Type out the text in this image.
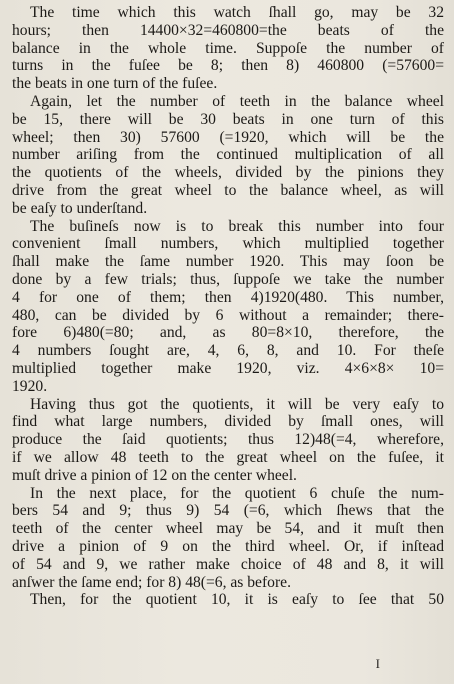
The time which this watch ſhall go, may be 32
hours; then 14400×32=460800=the beats of the
balance in the whole time. Suppoſe the number of
turns in the fuſee be 8; then 8) 460800 (=57600=
the beats in one turn of the fuſee.

Again, let the number of teeth in the balance wheel
be 15, there will be 30 beats in one turn of this
wheel; then 30) 57600 (=1920, which will be the
number ariſing from the continued multiplication of all
the quotients of the wheels, divided by the pinions they
drive from the great wheel to the balance wheel, as will
be eaſy to underſtand.

The buſineſs now is to break this number into four
convenient ſmall numbers, which multiplied together
ſhall make the ſame number 1920. This may ſoon be
done by a few trials; thus, ſuppoſe we take the number
4 for one of them; then 4)1920(480. This number,
480, can be divided by 6 without a remainder; there-
fore 6)480(=80; and, as 80=8×10, therefore, the
4 numbers ſought are, 4, 6, 8, and 10. For theſe
multiplied together make 1920, viz. 4×6×8× 10=
1920.

Having thus got the quotients, it will be very eaſy to
find what large numbers, divided by ſmall ones, will
produce the ſaid quotients; thus 12)48(=4, wherefore,
if we allow 48 teeth to the great wheel on the fuſee, it
muſt drive a pinion of 12 on the center wheel.

In the next place, for the quotient 6 chuſe the num-
bers 54 and 9; thus 9) 54 (=6, which ſhews that the
teeth of the center wheel may be 54, and it muſt then
drive a pinion of 9 on the third wheel. Or, if inſtead
of 54 and 9, we rather make choice of 48 and 8, it will
anſwer the ſame end; for 8) 48(=6, as before.

Then, for the quotient 10, it is eaſy to ſee that 50

I
